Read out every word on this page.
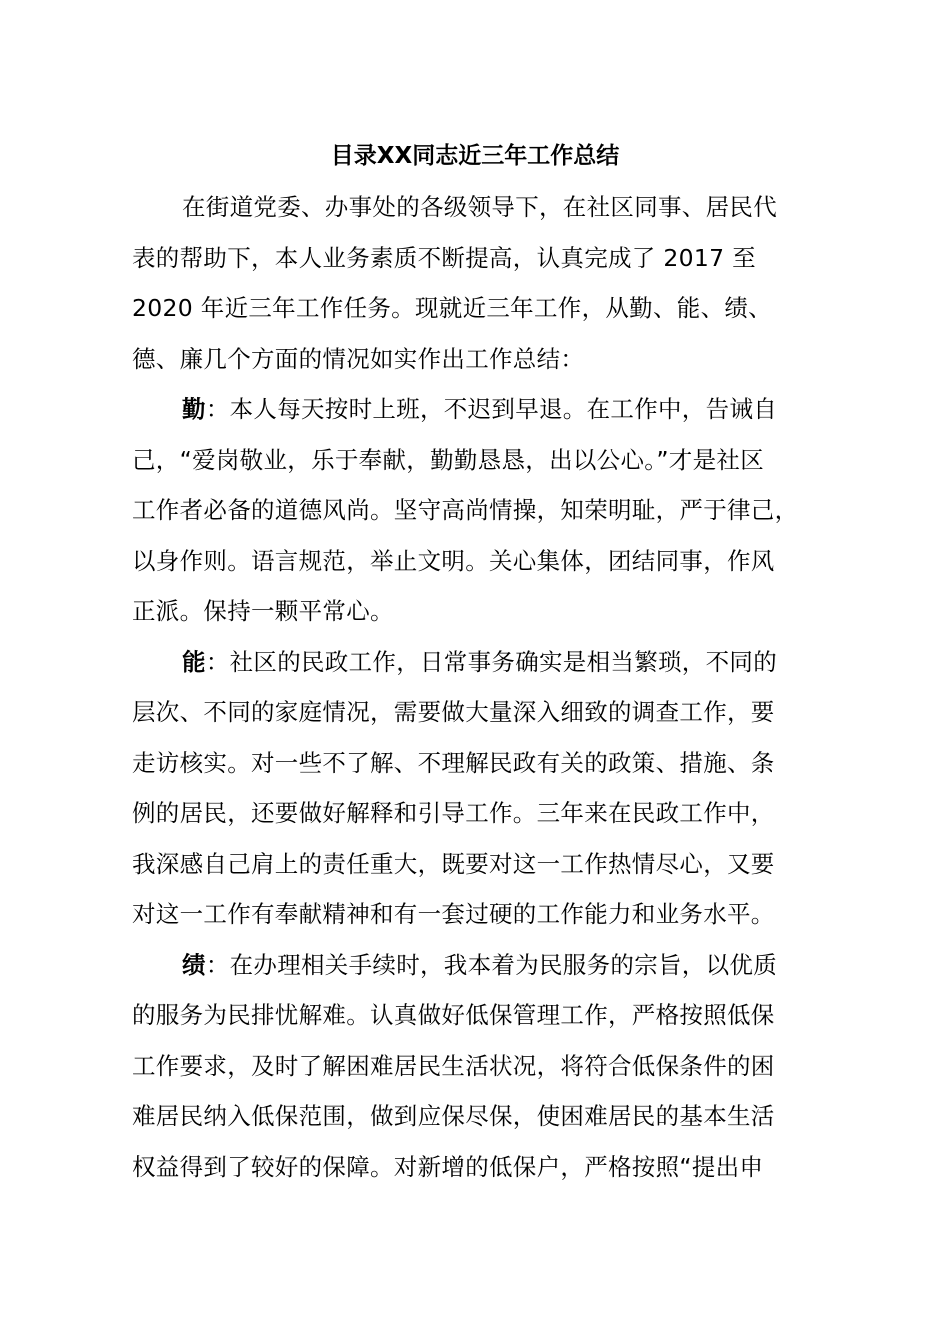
目录XX同志近三年工作总结
在街道党委、办事处的各级领导下，在社区同事、居民代
表的帮助下，本人业务素质不断提高，认真完成了 2017 至
2020 年近三年工作任务。现就近三年工作，从勤、能、绩、
德、廉几个方面的情况如实作出工作总结：
勤：本人每天按时上班，不迟到早退。在工作中，告诫自
己，“爱岗敬业，乐于奉献，勤勤恳恳，出以公心。”才是社区
工作者必备的道德风尚。坚守高尚情操，知荣明耻，严于律己，
以身作则。语言规范，举止文明。关心集体，团结同事，作风
正派。保持一颗平常心。
能：社区的民政工作，日常事务确实是相当繁琐，不同的
层次、不同的家庭情况，需要做大量深入细致的调查工作，要
走访核实。对一些不了解、不理解民政有关的政策、措施、条
例的居民，还要做好解释和引导工作。三年来在民政工作中，
我深感自己肩上的责任重大，既要对这一工作热情尽心，又要
对这一工作有奉献精神和有一套过硬的工作能力和业务水平。
绩：在办理相关手续时，我本着为民服务的宗旨，以优质
的服务为民排忧解难。认真做好低保管理工作，严格按照低保
工作要求，及时了解困难居民生活状况，将符合低保条件的困
难居民纳入低保范围，做到应保尽保，使困难居民的基本生活
权益得到了较好的保障。对新增的低保户，严格按照“提出申
